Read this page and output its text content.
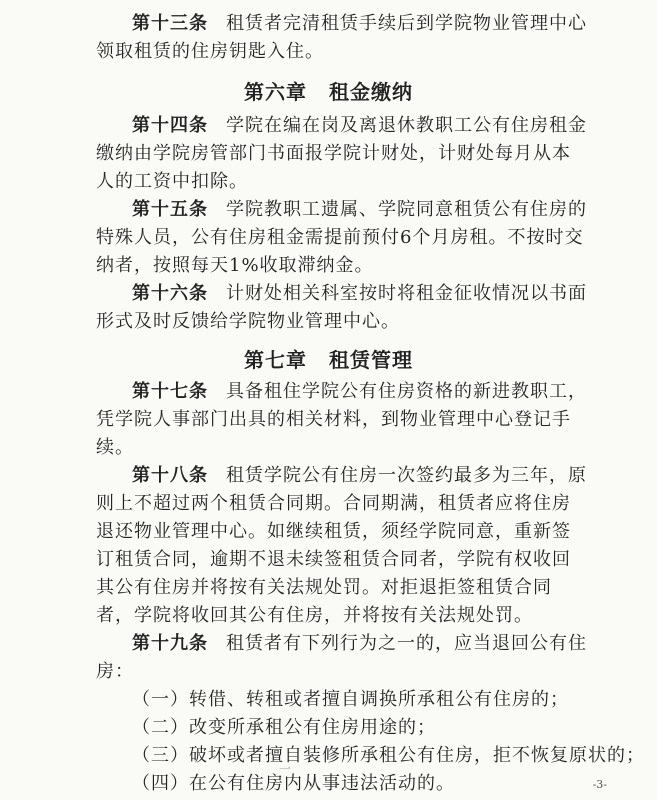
第十三条 租赁者完清租赁手续后到学院物业管理中心领取租赁的住房钥匙入住。

第六章 租金缴纳

第十四条 学院在编在岗及离退休教职工公有住房租金缴纳由学院房管部门书面报学院计财处，计财处每月从本人的工资中扣除。

第十五条 学院教职工遗属、学院同意租赁公有住房的特殊人员，公有住房租金需提前预付6个月房租。不按时交纳者，按照每天1%收取滞纳金。

第十六条 计财处相关科室按时将租金征收情况以书面形式及时反馈给学院物业管理中心。

第七章 租赁管理

第十七条 具备租住学院公有住房资格的新进教职工，凭学院人事部门出具的相关材料，到物业管理中心登记手续。

第十八条 租赁学院公有住房一次签约最多为三年，原则上不超过两个租赁合同期。合同期满，租赁者应将住房退还物业管理中心。如继续租赁，须经学院同意，重新签订租赁合同，逾期不退未续签租赁合同者，学院有权收回其公有住房并将按有关法规处罚。对拒退拒签租赁合同者，学院将收回其公有住房，并将按有关法规处罚。

第十九条 租赁者有下列行为之一的，应当退回公有住房：

（一）转借、转租或者擅自调换所承租公有住房的；

（二）改变所承租公有住房用途的；

（三）破坏或者擅自装修所承租公有住房，拒不恢复原状的；

（四）在公有住房内从事违法活动的。

一
-3-
